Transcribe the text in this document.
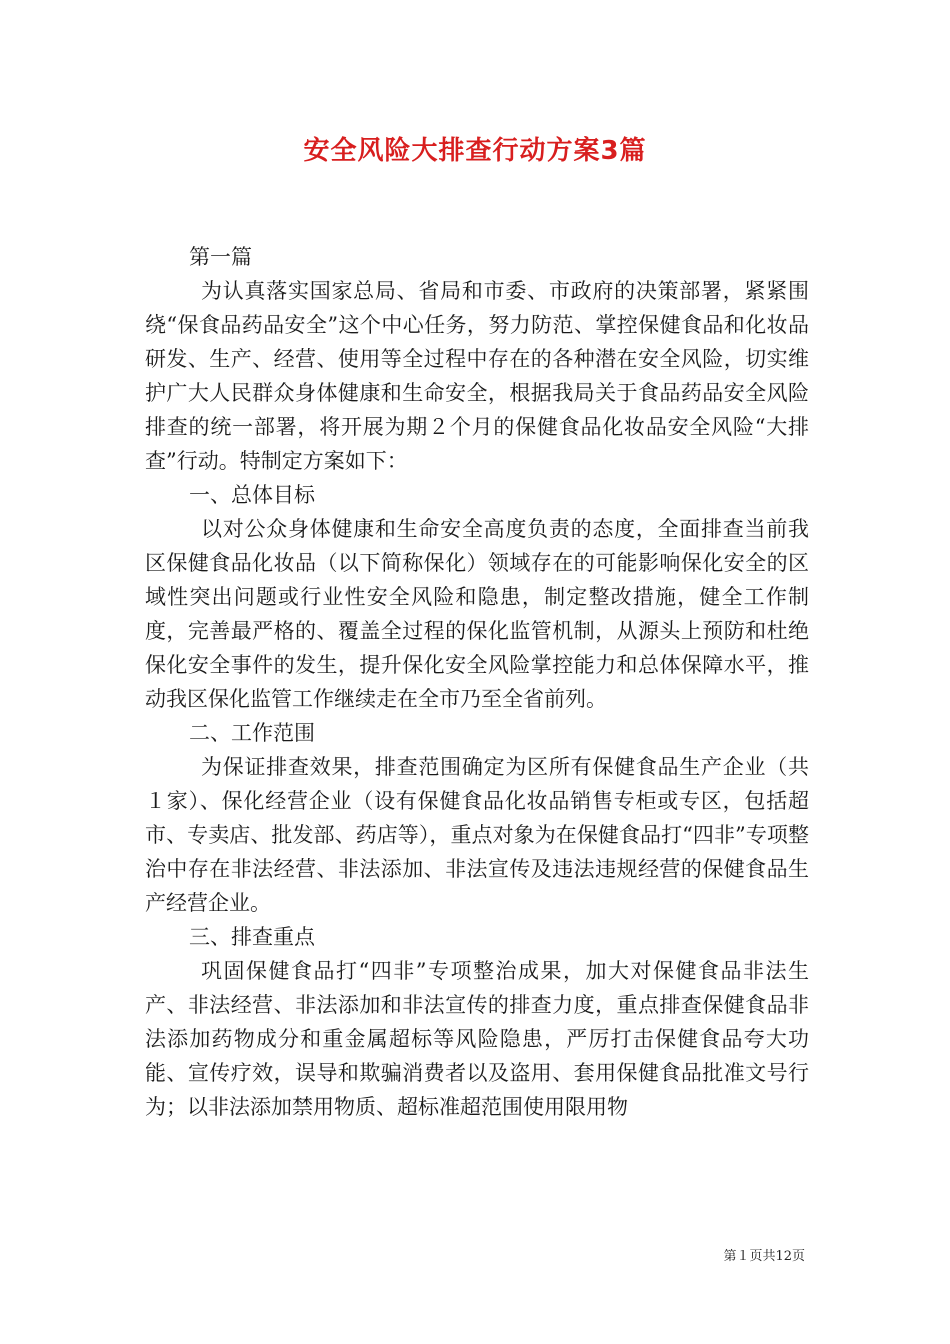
安全风险大排查行动方案3篇

第一篇

为认真落实国家总局、省局和市委、市政府的决策部署，紧紧围绕“保食品药品安全”这个中心任务，努力防范、掌控保健食品和化妆品研发、生产、经营、使用等全过程中存在的各种潜在安全风险，切实维护广大人民群众身体健康和生命安全，根据我局关于食品药品安全风险排查的统一部署，将开展为期２个月的保健食品化妆品安全风险“大排查”行动。特制定方案如下：

一、总体目标

以对公众身体健康和生命安全高度负责的态度，全面排查当前我区保健食品化妆品（以下简称保化）领域存在的可能影响保化安全的区域性突出问题或行业性安全风险和隐患，制定整改措施，健全工作制度，完善最严格的、覆盖全过程的保化监管机制，从源头上预防和杜绝保化安全事件的发生，提升保化安全风险掌控能力和总体保障水平，推动我区保化监管工作继续走在全市乃至全省前列。

二、工作范围

为保证排查效果，排查范围确定为区所有保健食品生产企业（共１家）、保化经营企业（设有保健食品化妆品销售专柜或专区，包括超市、专卖店、批发部、药店等），重点对象为在保健食品打“四非”专项整治中存在非法经营、非法添加、非法宣传及违法违规经营的保健食品生产经营企业。

三、排查重点

巩固保健食品打“四非”专项整治成果，加大对保健食品非法生产、非法经营、非法添加和非法宣传的排查力度，重点排查保健食品非法添加药物成分和重金属超标等风险隐患，严厉打击保健食品夸大功能、宣传疗效，误导和欺骗消费者以及盗用、套用保健食品批准文号行为；以非法添加禁用物质、超标准超范围使用限用物

第１页共12页
